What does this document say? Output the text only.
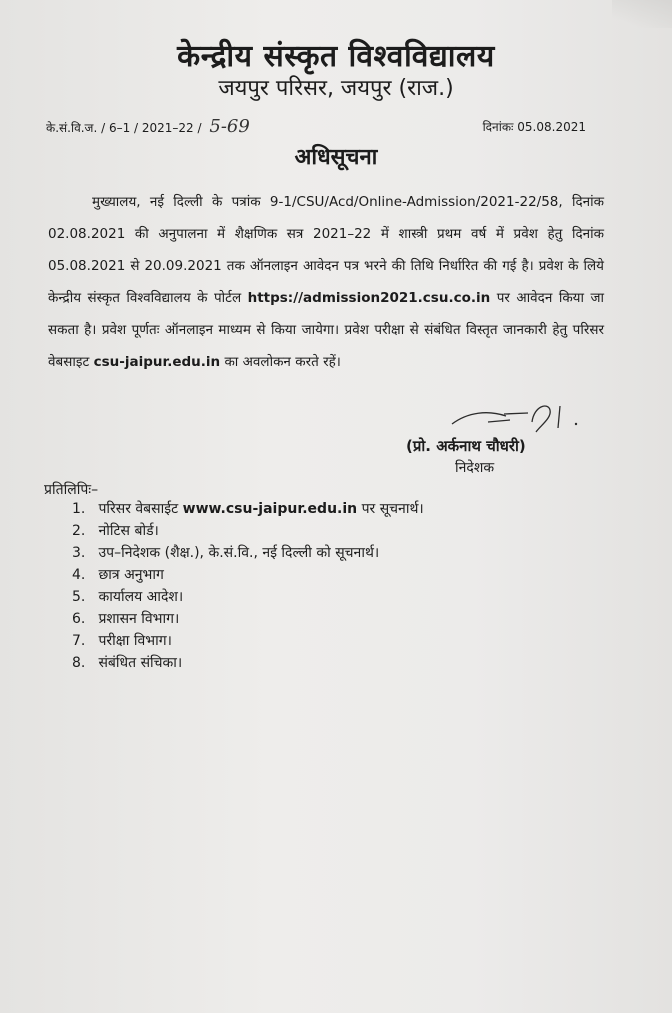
केन्द्रीय संस्कृत विश्वविद्यालय
जयपुर परिसर, जयपुर (राज.)
के.सं.वि.ज. / 6–1 / 2021–22 / 5-69	दिनांकः 05.08.2021
अधिसूचना
मुख्यालय, नई दिल्ली के पत्रांक 9-1/CSU/Acd/Online-Admission/2021-22/58, दिनांक 02.08.2021 की अनुपालना में शैक्षणिक सत्र 2021–22 में शास्त्री प्रथम वर्ष में प्रवेश हेतु दिनांक 05.08.2021 से 20.09.2021 तक ऑनलाइन आवेदन पत्र भरने की तिथि निर्धारित की गई है। प्रवेश के लिये केन्द्रीय संस्कृत विश्वविद्यालय के पोर्टल https://admission2021.csu.co.in पर आवेदन किया जा सकता है। प्रवेश पूर्णतः ऑनलाइन माध्यम से किया जायेगा। प्रवेश परीक्षा से संबंधित विस्तृत जानकारी हेतु परिसर वेबसाइट csu-jaipur.edu.in का अवलोकन करते रहें।
(प्रो. अर्कनाथ चौधरी)
निदेशक
प्रतिलिपिः–
1. परिसर वेबसाईट www.csu-jaipur.edu.in पर सूचनार्थ।
2. नोटिस बोर्ड।
3. उप–निदेशक (शैक्ष.), के.सं.वि., नई दिल्ली को सूचनार्थ।
4. छात्र अनुभाग
5. कार्यालय आदेश।
6. प्रशासन विभाग।
7. परीक्षा विभाग।
8. संबंधित संचिका।
